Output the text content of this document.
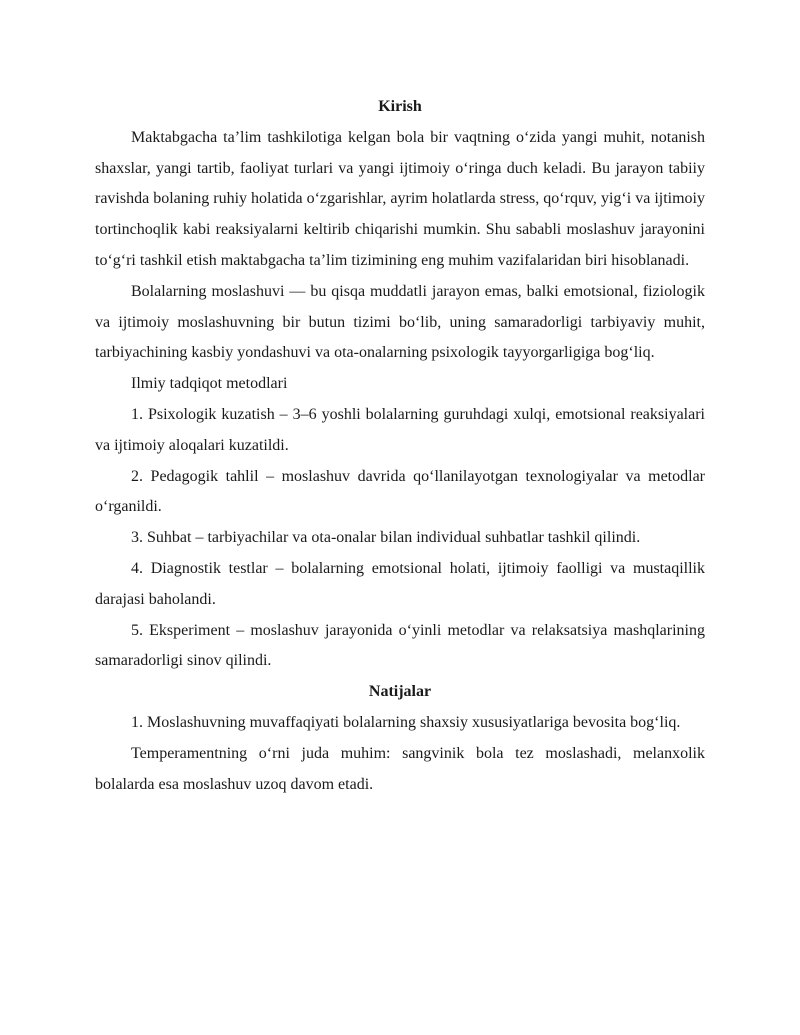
Kirish

Maktabgacha ta’lim tashkilotiga kelgan bola bir vaqtning o‘zida yangi muhit, notanish shaxslar, yangi tartib, faoliyat turlari va yangi ijtimoiy o‘ringa duch keladi. Bu jarayon tabiiy ravishda bolaning ruhiy holatida o‘zgarishlar, ayrim holatlarda stress, qo‘rquv, yig‘i va ijtimoiy tortinchoqlik kabi reaksiyalarni keltirib chiqarishi mumkin. Shu sababli moslashuv jarayonini to‘g‘ri tashkil etish maktabgacha ta’lim tizimining eng muhim vazifalaridan biri hisoblanadi.

Bolalarning moslashuvi — bu qisqa muddatli jarayon emas, balki emotsional, fiziologik va ijtimoiy moslashuvning bir butun tizimi bo‘lib, uning samaradorligi tarbiyaviy muhit, tarbiyachining kasbiy yondashuvi va ota-onalarning psixologik tayyorgarligiga bog‘liq.

Ilmiy tadqiqot metodlari

1. Psixologik kuzatish – 3–6 yoshli bolalarning guruhdagi xulqi, emotsional reaksiyalari va ijtimoiy aloqalari kuzatildi.

2. Pedagogik tahlil – moslashuv davrida qo‘llanilayotgan texnologiyalar va metodlar o‘rganildi.

3. Suhbat – tarbiyachilar va ota-onalar bilan individual suhbatlar tashkil qilindi.

4. Diagnostik testlar – bolalarning emotsional holati, ijtimoiy faolligi va mustaqillik darajasi baholandi.

5. Eksperiment – moslashuv jarayonida o‘yinli metodlar va relaksatsiya mashqlarining samaradorligi sinov qilindi.

Natijalar

1. Moslashuvning muvaffaqiyati bolalarning shaxsiy xususiyatlariga bevosita bog‘liq.

Temperamentning o‘rni juda muhim: sangvinik bola tez moslashadi, melanxolik bolalarda esa moslashuv uzoq davom etadi.
